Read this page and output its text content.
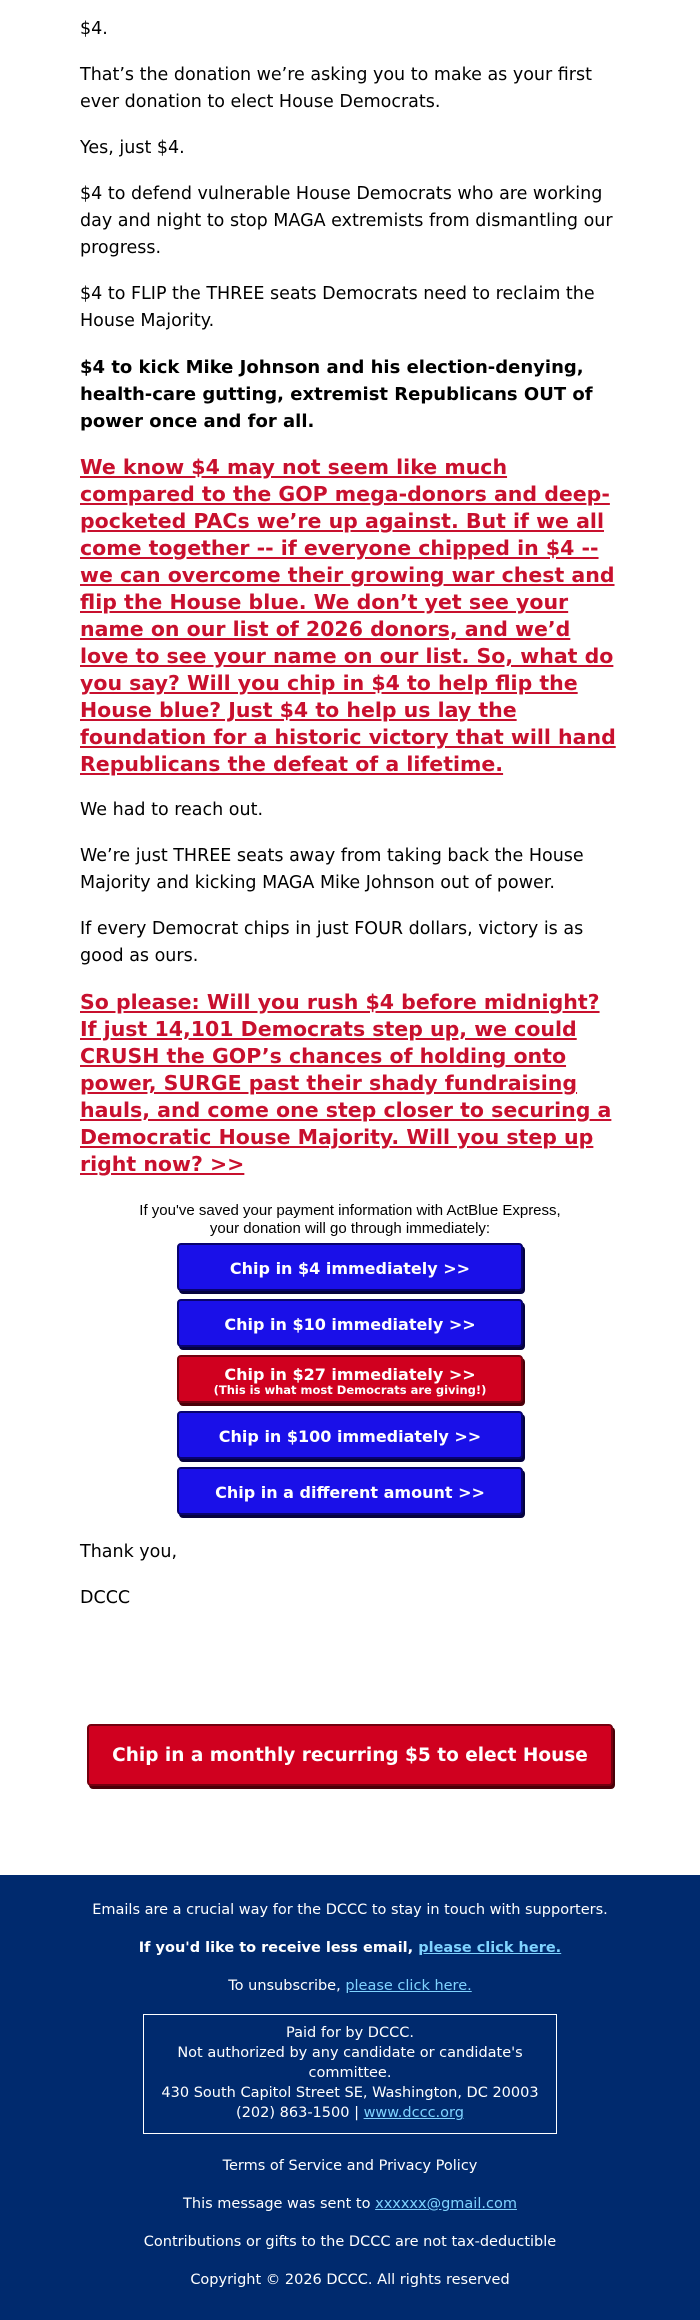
$4.

That’s the donation we’re asking you to make as your first ever donation to elect House Democrats.

Yes, just $4.

$4 to defend vulnerable House Democrats who are working day and night to stop MAGA extremists from dismantling our progress.

$4 to FLIP the THREE seats Democrats need to reclaim the House Majority.

$4 to kick Mike Johnson and his election-denying, health-care gutting, extremist Republicans OUT of power once and for all.

We know $4 may not seem like much compared to the GOP mega-donors and deep-pocketed PACs we’re up against. But if we all come together -- if everyone chipped in $4 -- we can overcome their growing war chest and flip the House blue. We don’t yet see your name on our list of 2026 donors, and we’d love to see your name on our list. So, what do you say? Will you chip in $4 to help flip the House blue? Just $4 to help us lay the foundation for a historic victory that will hand Republicans the defeat of a lifetime.

We had to reach out.

We’re just THREE seats away from taking back the House Majority and kicking MAGA Mike Johnson out of power.

If every Democrat chips in just FOUR dollars, victory is as good as ours.

So please: Will you rush $4 before midnight? If just 14,101 Democrats step up, we could CRUSH the GOP’s chances of holding onto power, SURGE past their shady fundraising hauls, and come one step closer to securing a Democratic House Majority. Will you step up right now? >>
If you've saved your payment information with ActBlue Express,
your donation will go through immediately:
Chip in $4 immediately >>
Chip in $10 immediately >>
Chip in $27 immediately >>
(This is what most Democrats are giving!)
Chip in $100 immediately >>
Chip in a different amount >>

Thank you,

DCCC

Chip in a monthly recurring $5 to elect House Dems >>

Emails are a crucial way for the DCCC to stay in touch with supporters.

If you'd like to receive less email, please click here.

To unsubscribe, please click here.

Paid for by DCCC.
Not authorized by any candidate or candidate's committee.
430 South Capitol Street SE, Washington, DC 20003
(202) 863-1500 | www.dccc.org

Terms of Service and Privacy Policy

This message was sent to xxxxxx@gmail.com

Contributions or gifts to the DCCC are not tax-deductible

Copyright © 2026 DCCC. All rights reserved
